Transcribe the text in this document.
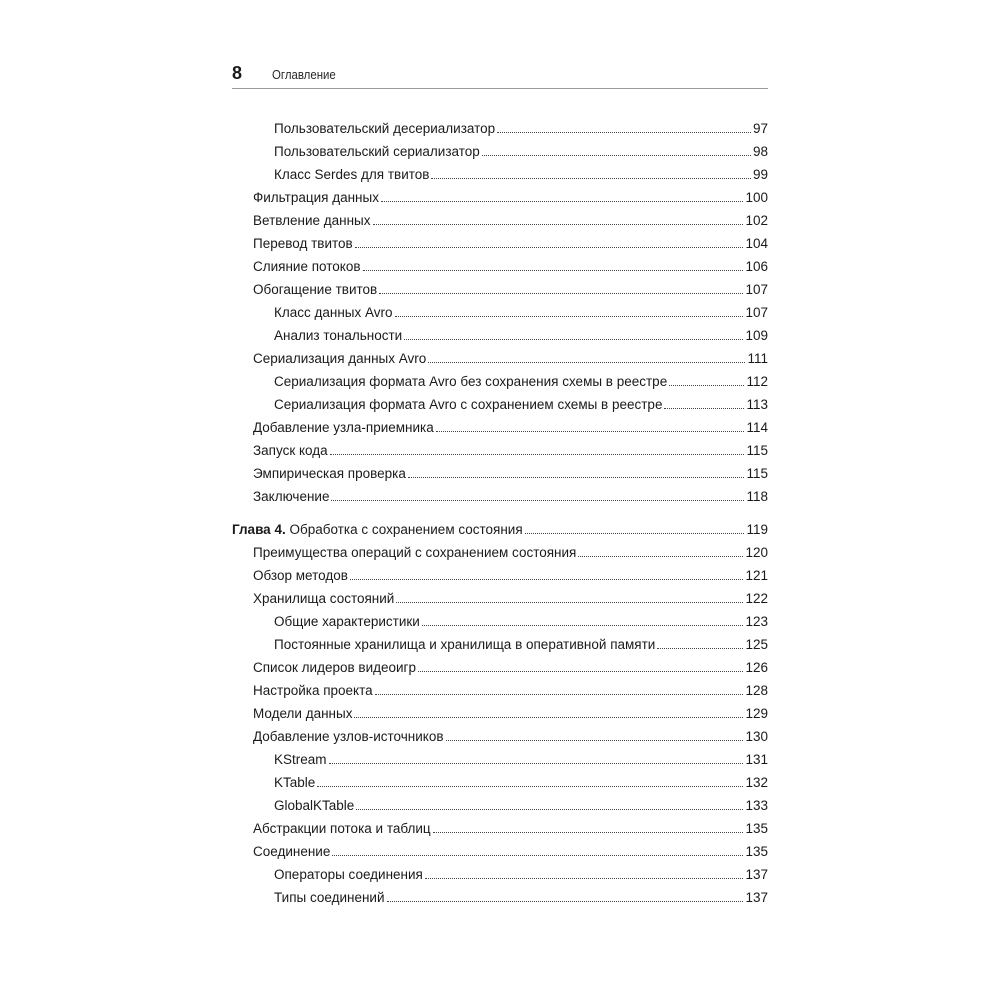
8 Оглавление
Пользовательский десериализатор	97
Пользовательский сериализатор	98
Класс Serdes для твитов	99
Фильтрация данных	100
Ветвление данных	102
Перевод твитов	104
Слияние потоков	106
Обогащение твитов	107
Класс данных Avro	107
Анализ тональности	109
Сериализация данных Avro	111
Сериализация формата Avro без сохранения схемы в реестре	112
Сериализация формата Avro с сохранением схемы в реестре	113
Добавление узла-приемника	114
Запуск кода	115
Эмпирическая проверка	115
Заключение	118
Глава 4. Обработка с сохранением состояния	119
Преимущества операций с сохранением состояния	120
Обзор методов	121
Хранилища состояний	122
Общие характеристики	123
Постоянные хранилища и хранилища в оперативной памяти	125
Список лидеров видеоигр	126
Настройка проекта	128
Модели данных	129
Добавление узлов-источников	130
KStream	131
KTable	132
GlobalKTable	133
Абстракции потока и таблиц	135
Соединение	135
Операторы соединения	137
Типы соединений	137
